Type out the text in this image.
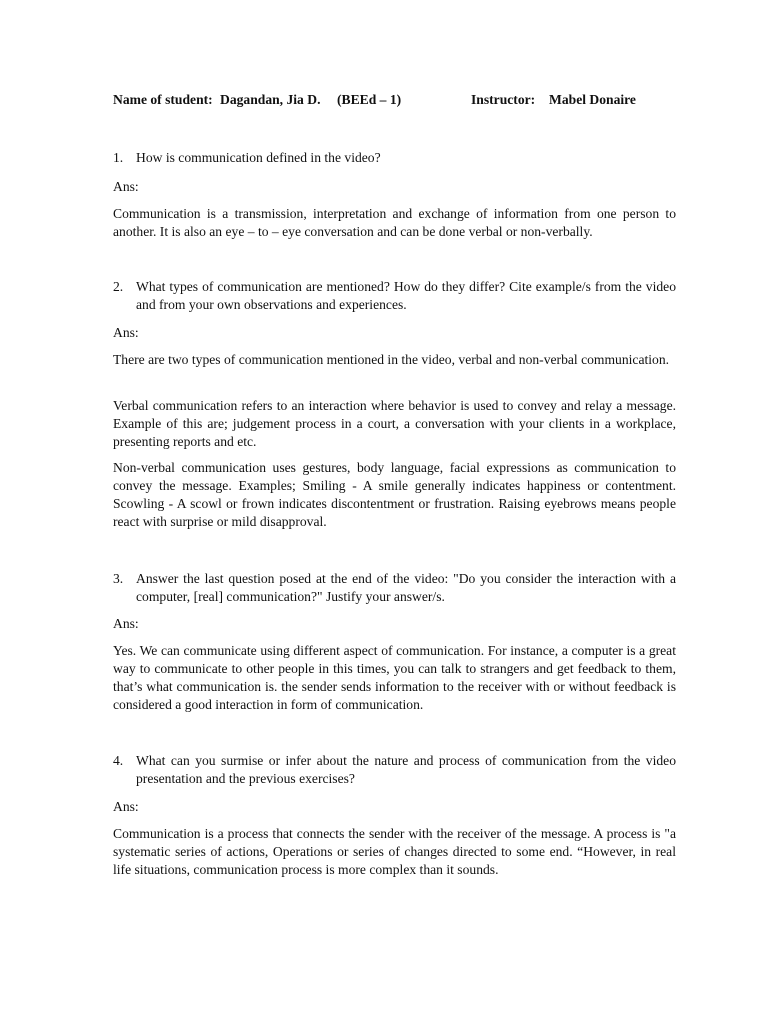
Name of student: Dagandan, Jia D. (BEEd – 1)	Instructor: Mabel Donaire
1. How is communication defined in the video?
Ans:
Communication is a transmission, interpretation and exchange of information from one person to another. It is also an eye – to – eye conversation and can be done verbal or non-verbally.
2. What types of communication are mentioned? How do they differ? Cite example/s from the video and from your own observations and experiences.
Ans:
There are two types of communication mentioned in the video, verbal and non-verbal communication.
Verbal communication refers to an interaction where behavior is used to convey and relay a message. Example of this are; judgement process in a court, a conversation with your clients in a workplace, presenting reports and etc.
Non-verbal communication uses gestures, body language, facial expressions as communication to convey the message. Examples; Smiling - A smile generally indicates happiness or contentment. Scowling - A scowl or frown indicates discontentment or frustration. Raising eyebrows means people react with surprise or mild disapproval.
3. Answer the last question posed at the end of the video: "Do you consider the interaction with a computer, [real] communication?" Justify your answer/s.
Ans:
Yes. We can communicate using different aspect of communication. For instance, a computer is a great way to communicate to other people in this times, you can talk to strangers and get feedback to them, that’s what communication is. the sender sends information to the receiver with or without feedback is considered a good interaction in form of communication.
4. What can you surmise or infer about the nature and process of communication from the video presentation and the previous exercises?
Ans:
Communication is a process that connects the sender with the receiver of the message. A process is "a systematic series of actions, Operations or series of changes directed to some end. “However, in real life situations, communication process is more complex than it sounds.
